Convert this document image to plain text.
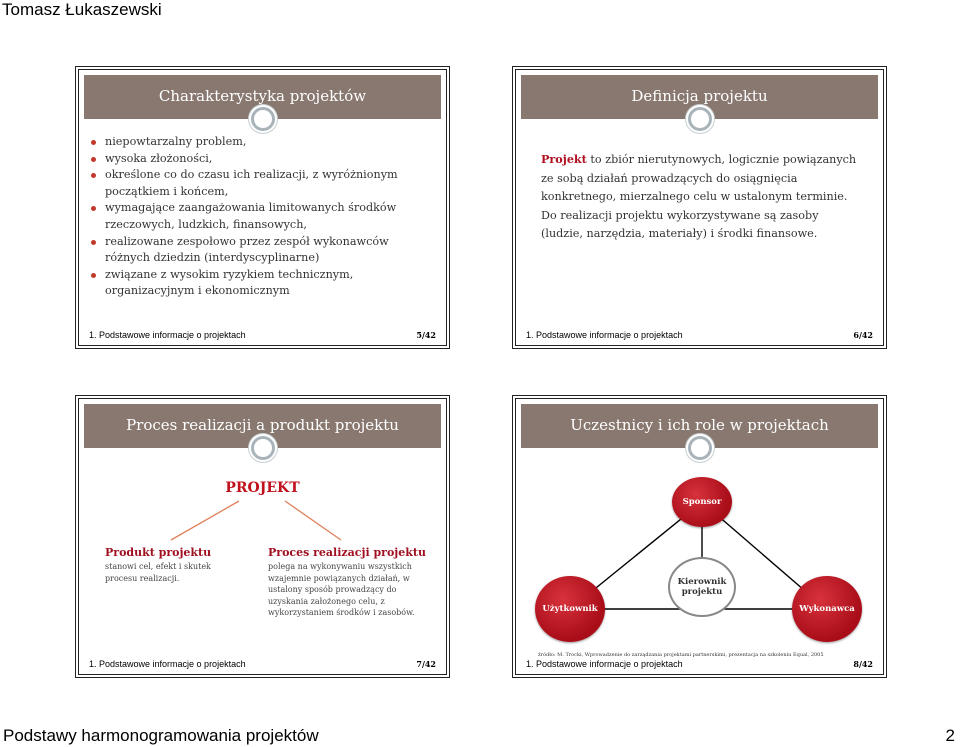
Tomasz Łukaszewski
Charakterystyka projektów
niepowtarzalny problem,
wysoka złożoności,
określone co do czasu ich realizacji, z wyróżnionym początkiem i końcem,
wymagające zaangażowania limitowanych środków rzeczowych, ludzkich, finansowych,
realizowane zespołowo przez zespół wykonawców różnych dziedzin (interdyscyplinarne)
związane z wysokim ryzykiem technicznym, organizacyjnym i ekonomicznym
1. Podstawowe informacje o projektach	5/42
Definicja projektu

Projekt to zbiór nierutynowych, logicznie powiązanych ze sobą działań prowadzących do osiągnięcia konkretnego, mierzalnego celu w ustalonym terminie. Do realizacji projektu wykorzystywane są zasoby (ludzie, narzędzia, materiały) i środki finansowe.

1. Podstawowe informacje o projektach	6/42
Proces realizacji a produkt projektu
PROJEKT
Produkt projektu
stanowi cel, efekt i skutek procesu realizacji.
Proces realizacji projektu
polega na wykonywaniu wszystkich wzajemnie powiązanych działań, w ustalony sposób prowadzący do uzyskania założonego celu, z wykorzystaniem środków i zasobów.
1. Podstawowe informacje o projektach	7/42
Uczestnicy i ich role w projektach
Sponsor
Użytkownik
Kierownik projektu
Wykonawca
źródło: M. Trocki, Wprowadzenie do zarządzania projektami partnerskimi, prezentacja na szkoleniu Equal, 2005
1. Podstawowe informacje o projektach	8/42
Podstawy harmonogramowania projektów	2
